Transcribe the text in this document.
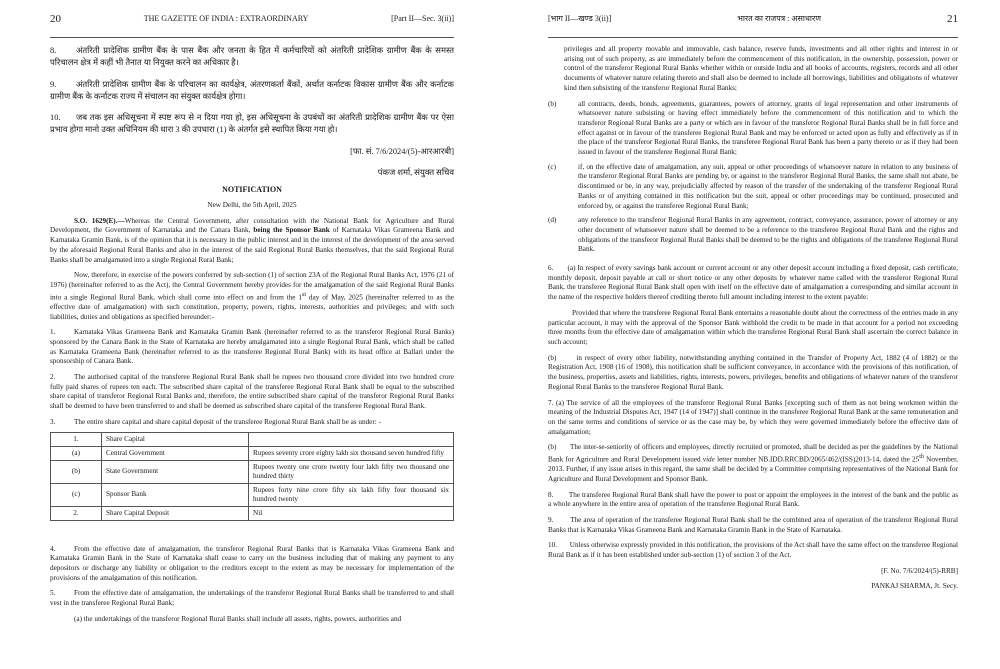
20	THE GAZETTE OF INDIA : EXTRAORDINARY	[Part II—Sec. 3(ii)]

8. अंतरिती प्रादेशिक ग्रामीण बैंक के पास बैंक और जनता के हित में कर्मचारियों को अंतरिती प्रादेशिक ग्रामीण बैंक के समस्त परिचालन क्षेत्र में कहीं भी तैनात या नियुक्त करने का अधिकार है।

9. अंतरिती प्रादेशिक ग्रामीण बैंक के परिचालन का कार्यक्षेत्र, अंतरणकर्ता बैंकों, अर्थात कर्नाटक विकास ग्रामीण बैंक और कर्नाटक ग्रामीण बैंक के कर्नाटक राज्य में संचालन का संयुक्त कार्यक्षेत्र होगा।

10. जब तक इस अधिसूचना में स्पष्ट रूप से न दिया गया हो, इस अधिसूचना के उपबंधों का अंतरिती प्रादेशिक ग्रामीण बैंक पर ऐसा प्रभाव होगा मानो उक्त अधिनियम की धारा 3 की उपधारा (1) के अंतर्गत इसे स्थापित किया गया हो।

[फा. सं. 7/6/2024/(5)-आरआरबी]

पंकज शर्मा, संयुक्त सचिव

NOTIFICATION

New Delhi, the 5th April, 2025

S.O. 1629(E).—Whereas the Central Government, after consultation with the National Bank for Agriculture and Rural Development, the Government of Karnataka and the Canara Bank, being the Sponsor Bank of Karnataka Vikas Grameena Bank and Karnataka Gramin Bank, is of the opinion that it is necessary in the public interest and in the interest of the development of the area served by the aforesaid Regional Rural Banks and also in the interest of the said Regional Rural Banks themselves, that the said Regional Rural Banks shall be amalgamated into a single Regional Rural Bank;

Now, therefore, in exercise of the powers conferred by sub-section (1) of section 23A of the Regional Rural Banks Act, 1976 (21 of 1976) (hereinafter referred to as the Act), the Central Government hereby provides for the amalgamation of the said Regional Rural Banks into a single Regional Rural Bank, which shall come into effect on and from the 1st day of May, 2025 (hereinafter referred to as the effective date of amalgamation) with such constitution, property, powers, rights, interests, authorities and privileges; and with such liabilities, duties and obligations as specified hereunder:-

1.	Karnataka Vikas Grameena Bank and Karnataka Gramin Bank (hereinafter referred to as the transferor Regional Rural Banks) sponsored by the Canara Bank in the State of Karnataka are hereby amalgamated into a single Regional Rural Bank, which shall be called as Karnataka Grameena Bank (hereinafter referred to as the transferee Regional Rural Bank) with its head office at Ballari under the sponsorship of Canara Bank.

2.	The authorised capital of the transferee Regional Rural Bank shall be rupees two thousand crore divided into two hundred crore fully paid shares of rupees ten each. The subscribed share capital of the transferee Regional Rural Bank shall be equal to the subscribed share capital of transferor Regional Rural Banks and, therefore, the entire subscribed share capital of the transferor Regional Rural Banks shall be deemed to have been transferred to and shall be deemed as subscribed share capital of the transferee Regional Rural Bank.

3.	The entire share capital and share capital deposit of the transferee Regional Rural Bank shall be as under: -

1.	Share Capital	
(a)	Central Government	Rupees seventy crore eighty lakh six thousand seven hundred fifty
(b)	State Government	Rupees twenty one crore twenty four lakh fifty two thousand one hundred thirty
(c)	Sponsor Bank	Rupees forty nine crore fifty six lakh fifty four thousand six hundred twenty
2.	Share Capital Deposit	Nil

4.	From the effective date of amalgamation, the transferor Regional Rural Banks that is Karnataka Vikas Grameena Bank and Karnataka Gramin Bank in the State of Karnataka shall cease to carry on the business including that of making any payment to any depositors or discharge any liability or obligation to the creditors except to the extent as may be necessary for implementation of the provisions of the amalgamation of this notification.

5.	From the effective date of amalgamation, the undertakings of the transferor Regional Rural Banks shall be transferred to and shall vest in the transferee Regional Rural Bank;

(a) the undertakings of the transferor Regional Rural Banks shall include all assets, rights, powers, authorities and

[भाग II—खण्ड 3(ii)]	भारत का राजपत्र : असाधारण	21

privileges and all property movable and immovable, cash balance, reserve funds, investments and all other rights and interest in or arising out of such property, as are immediately before the commencement of this notification, in the ownership, possession, power or control of the transferor Regional Rural Banks whether within or outside India and all books of accounts, registers, records and all other documents of whatever nature relating thereto and shall also be deemed to include all borrowings, liabilities and obligations of whatever kind then subsisting of the transferor Regional Rural Banks;

(b)	all contracts, deeds, bonds, agreements, guarantees, powers of attorney, grants of legal representation and other instruments of whatsoever nature subsisting or having effect immediately before the commencement of this notification and to which the transferor Regional Rural Banks are a party or which are in favour of the transferor Regional Rural Banks shall be in full force and effect against or in favour of the transferee Regional Rural Bank and may be enforced or acted upon as fully and effectively as if in the place of the transferor Regional Rural Banks, the transferee Regional Rural Bank has been a party thereto or as if they had been issued in favour of the transferee Regional Rural Bank;
(c)	if, on the effective date of amalgamation, any suit, appeal or other proceedings of whatsoever nature in relation to any business of the transferor Regional Rural Banks are pending by, or against to the transferor Regional Rural Banks, the same shall not abate, be discontinued or be, in any way, prejudicially affected by reason of the transfer of the undertaking of the transferor Regional Rural Banks or of anything contained in this notification but the suit, appeal or other proceedings may be continued, prosecuted and enforced by, or against the transferee Regional Rural Bank;
(d)	any reference to the transferor Regional Rural Banks in any agreement, contract, conveyance, assurance, power of attorney or any other document of whatsoever nature shall be deemed to be a reference to the transferee Regional Rural Bank and the rights and obligations of the transferor Regional Rural Banks shall be deemed to be the rights and obligations of the transferee Regional Rural Bank.

6.       (a) In respect of every savings bank account or current account or any other deposit account including a fixed deposit, cash certificate, monthly deposit, deposit payable at call or short notice or any other deposits by whatever name called with the transferor Regional Rural Bank, the transferee Regional Rural Bank shall open with itself on the effective date of amalgamation a corresponding and similar account in the name of the respective holders thereof crediting thereto full amount including interest to the extent payable:

Provided that where the transferee Regional Rural Bank entertains a reasonable doubt about the correctness of the entries made in any particular account, it may with the approval of the Sponsor Bank withhold the credit to be made in that account for a period not exceeding three months from the effective date of amalgamation within which the transferee Regional Rural Bank shall ascertain the correct balance in such account;

(b)       in respect of every other liability, notwithstanding anything contained in the Transfer of Property Act, 1882 (4 of 1882) or the Registration Act, 1908 (16 of 1908), this notification shall be sufficient conveyance, in accordance with the provisions of this notification, of the business, properties, assets and liabilities, rights, interests, powers, privileges, benefits and obligations of whatever nature of the transferor Regional Rural Banks to the transferee Regional Rural Bank.

7. (a) The service of all the employees of the transferor Regional Rural Banks [excepting such of them as not being workmen within the meaning of the Industrial Disputes Act, 1947 (14 of 1947)] shall continue in the transferee Regional Rural Bank at the same remuneration and on the same terms and conditions of service or as the case may be, by which they were governed immediately before the effective date of amalgamation;

(b)       The inter-se-seniority of officers and employees, directly recruited or promoted, shall be decided as per the guidelines by the National Bank for Agriculture and Rural Development issued vide letter number NB.IDD.RRCBD/2065/462/(ISS)2013-14, dated the 25th November, 2013. Further, if any issue arises in this regard, the same shall be decided by a Committee comprising representatives of the National Bank for Agriculture and Rural Development and Sponsor Bank.

8.        The transferee Regional Rural Bank shall have the power to post or appoint the employees in the interest of the bank and the public as a whole anywhere in the entire area of operation of the transferee Regional Rural Bank.

9.        The area of operation of the transferee Regional Rural Bank shall be the combined area of operation of the transferor Regional Rural Banks that is Karnataka Vikas Grameena Bank and Karnataka Gramin Bank in the State of Karnataka.

10.       Unless otherwise expressly provided in this notification, the provisions of the Act shall have the same effect on the transferee Regional Rural Bank as if it has been established under sub-section (1) of section 3 of the Act.

[F. No. 7/6/2024/(5)-RRB]

PANKAJ SHARMA, Jt. Secy.
